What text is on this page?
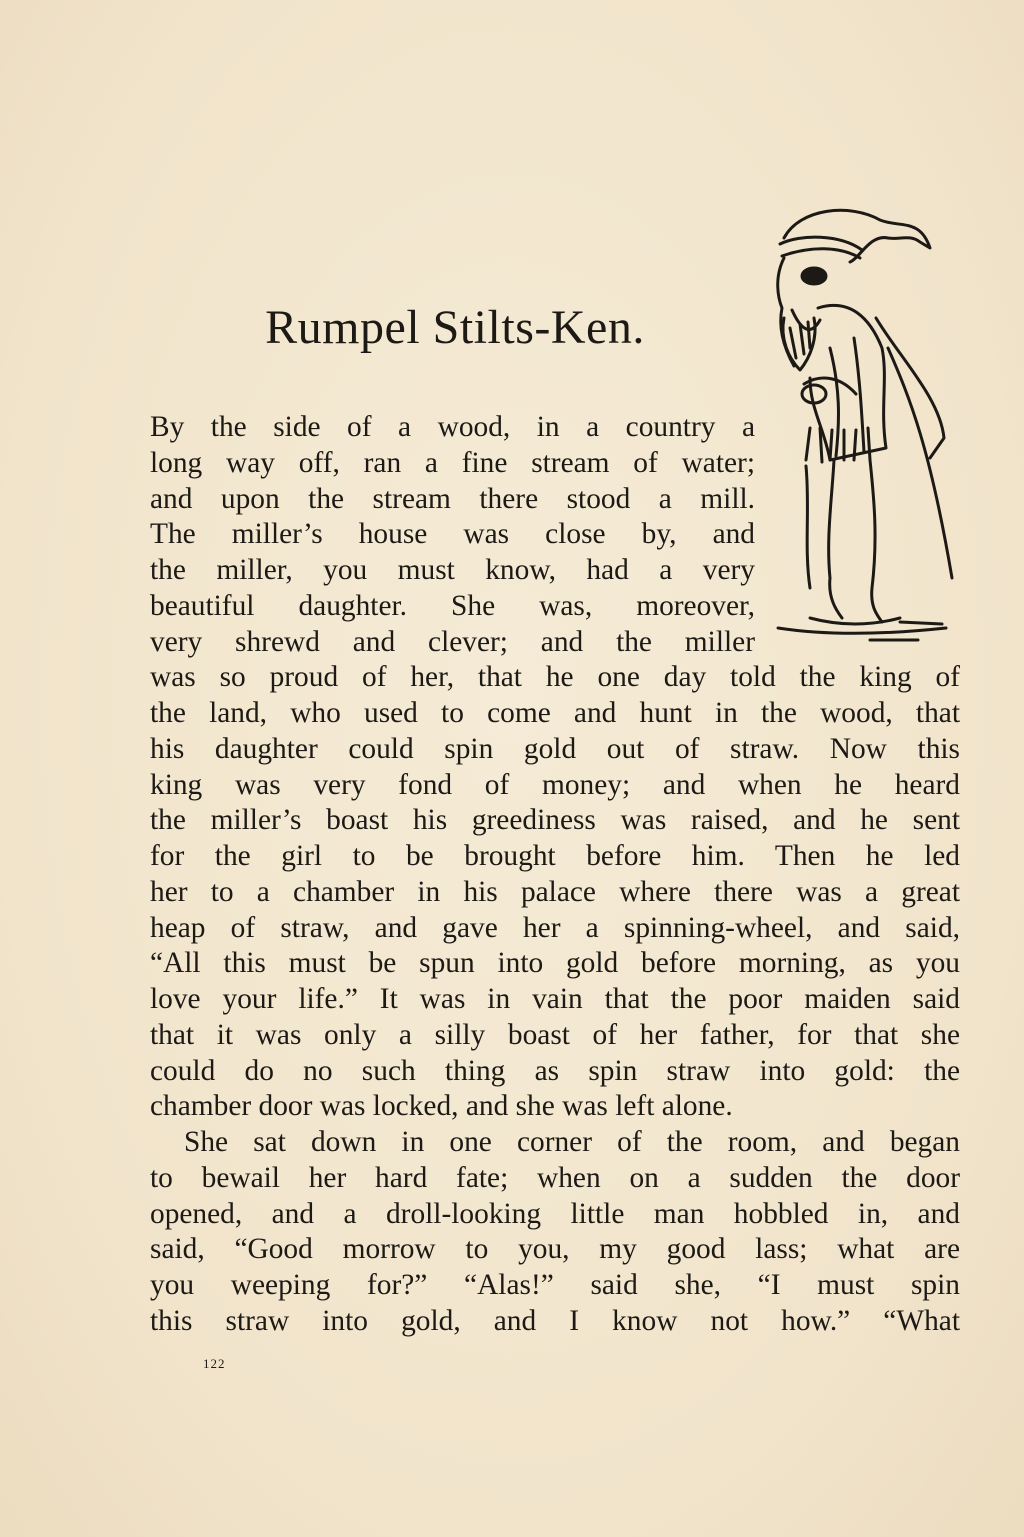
Rumpel Stilts-Ken.
By the side of a wood, in a country a
long way off, ran a fine stream of water;
and upon the stream there stood a mill.
The miller’s house was close by, and
the miller, you must know, had a very
beautiful daughter. She was, moreover,
very shrewd and clever; and the miller
was so proud of her, that he one day told the king of
the land, who used to come and hunt in the wood, that
his daughter could spin gold out of straw. Now this
king was very fond of money; and when he heard
the miller’s boast his greediness was raised, and he sent
for the girl to be brought before him. Then he led
her to a chamber in his palace where there was a great
heap of straw, and gave her a spinning-wheel, and said,
“All this must be spun into gold before morning, as you
love your life.” It was in vain that the poor maiden said
that it was only a silly boast of her father, for that she
could do no such thing as spin straw into gold: the
chamber door was locked, and she was left alone.
She sat down in one corner of the room, and began
to bewail her hard fate; when on a sudden the door
opened, and a droll-looking little man hobbled in, and
said, “Good morrow to you, my good lass; what are
you weeping for?” “Alas!” said she, “I must spin
this straw into gold, and I know not how.” “What
122
